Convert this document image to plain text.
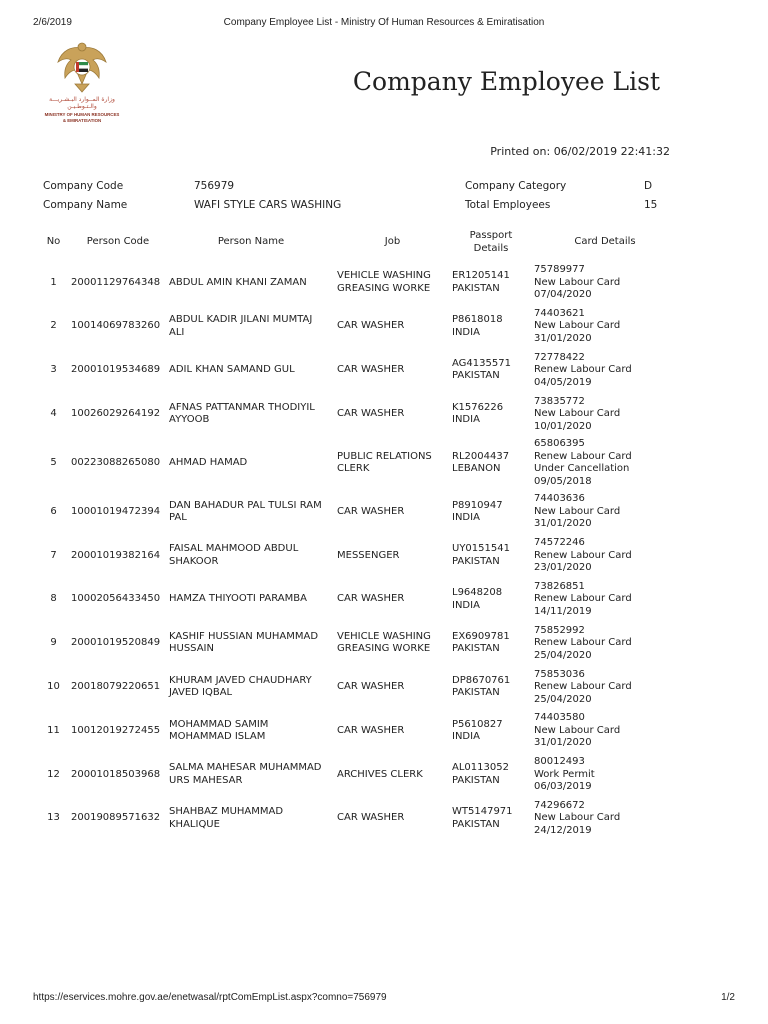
2/6/2019	Company Employee List - Ministry Of Human Resources & Emiratisation
وزارة المــوارد البـشـريـــة
والـتـوطـيـن
MINISTRY OF HUMAN RESOURCES
& EMIRATISATION
Company Employee List
Printed on: 06/02/2019 22:41:32
Company Code	756979	Company Category	D
Company Name	WAFI STYLE CARS WASHING	Total Employees	15
No	Person Code	Person Name	Job	Passport
Details	Card Details
1	20001129764348	ABDUL AMIN KHANI ZAMAN	VEHICLE WASHING
GREASING WORKE	ER1205141
PAKISTAN	75789977
New Labour Card
07/04/2020

2	10014069783260	ABDUL KADIR JILANI MUMTAJ
ALI	CAR WASHER	P8618018
INDIA	74403621
New Labour Card
31/01/2020

3	20001019534689	ADIL KHAN SAMAND GUL	CAR WASHER	AG4135571
PAKISTAN	72778422
Renew Labour Card
04/05/2019

4	10026029264192	AFNAS PATTANMAR THODIYIL
AYYOOB	CAR WASHER	K1576226
INDIA	73835772
New Labour Card
10/01/2020

5	00223088265080	AHMAD HAMAD	PUBLIC RELATIONS
CLERK	RL2004437
LEBANON	65806395
Renew Labour Card
Under Cancellation
09/05/2018

6	10001019472394	DAN BAHADUR PAL TULSI RAM
PAL	CAR WASHER	P8910947
INDIA	74403636
New Labour Card
31/01/2020

7	20001019382164	FAISAL MAHMOOD ABDUL
SHAKOOR	MESSENGER	UY0151541
PAKISTAN	74572246
Renew Labour Card
23/01/2020

8	10002056433450	HAMZA THIYOOTI PARAMBA	CAR WASHER	L9648208
INDIA	73826851
Renew Labour Card
14/11/2019

9	20001019520849	KASHIF HUSSIAN MUHAMMAD
HUSSAIN	VEHICLE WASHING
GREASING WORKE	EX6909781
PAKISTAN	75852992
Renew Labour Card
25/04/2020

10	20018079220651	KHURAM JAVED CHAUDHARY
JAVED IQBAL	CAR WASHER	DP8670761
PAKISTAN	75853036
Renew Labour Card
25/04/2020

11	10012019272455	MOHAMMAD SAMIM
MOHAMMAD ISLAM	CAR WASHER	P5610827
INDIA	74403580
New Labour Card
31/01/2020

12	20001018503968	SALMA MAHESAR MUHAMMAD
URS MAHESAR	ARCHIVES CLERK	AL0113052
PAKISTAN	80012493
Work Permit
06/03/2019

13	20019089571632	SHAHBAZ MUHAMMAD
KHALIQUE	CAR WASHER	WT5147971
PAKISTAN	74296672
New Labour Card
24/12/2019
https://eservices.mohre.gov.ae/enetwasal/rptComEmpList.aspx?comno=756979	1/2
